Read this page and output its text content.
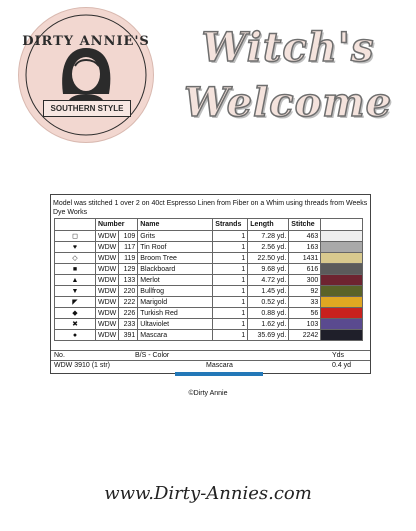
DIRTY ANNIE'S
SOUTHERN STYLE
Witch's
Welcome
Model was stitched 1 over 2 on 40ct Espresso Linen from Fiber on a Whim using threads from Weeks Dye Works
	Number		Name	Strands	Length	Stitche	
◻	WDW	109	Grits	1	7.28 yd.	463	

♥	WDW	117	Tin Roof	1	2.56 yd.	163	

◇	WDW	119	Broom Tree	1	22.50 yd.	1431	

■	WDW	129	Blackboard	1	9.68 yd.	616	

▲	WDW	133	Merlot	1	4.72 yd.	300	

▼	WDW	220	Bullfrog	1	1.45 yd.	92	

◤	WDW	222	Marigold	1	0.52 yd.	33	

◆	WDW	226	Turkish Red	1	0.88 yd.	56	

✖	WDW	233	Ultaviolet	1	1.62 yd.	103	

●	WDW	391	Mascara	1	35.69 yd.	2242	
No.	B/S - Color	Yds
WDW 3910 (1 str)	Mascara	0.4 yd
©Dirty Annie
www.Dirty-Annies.com
